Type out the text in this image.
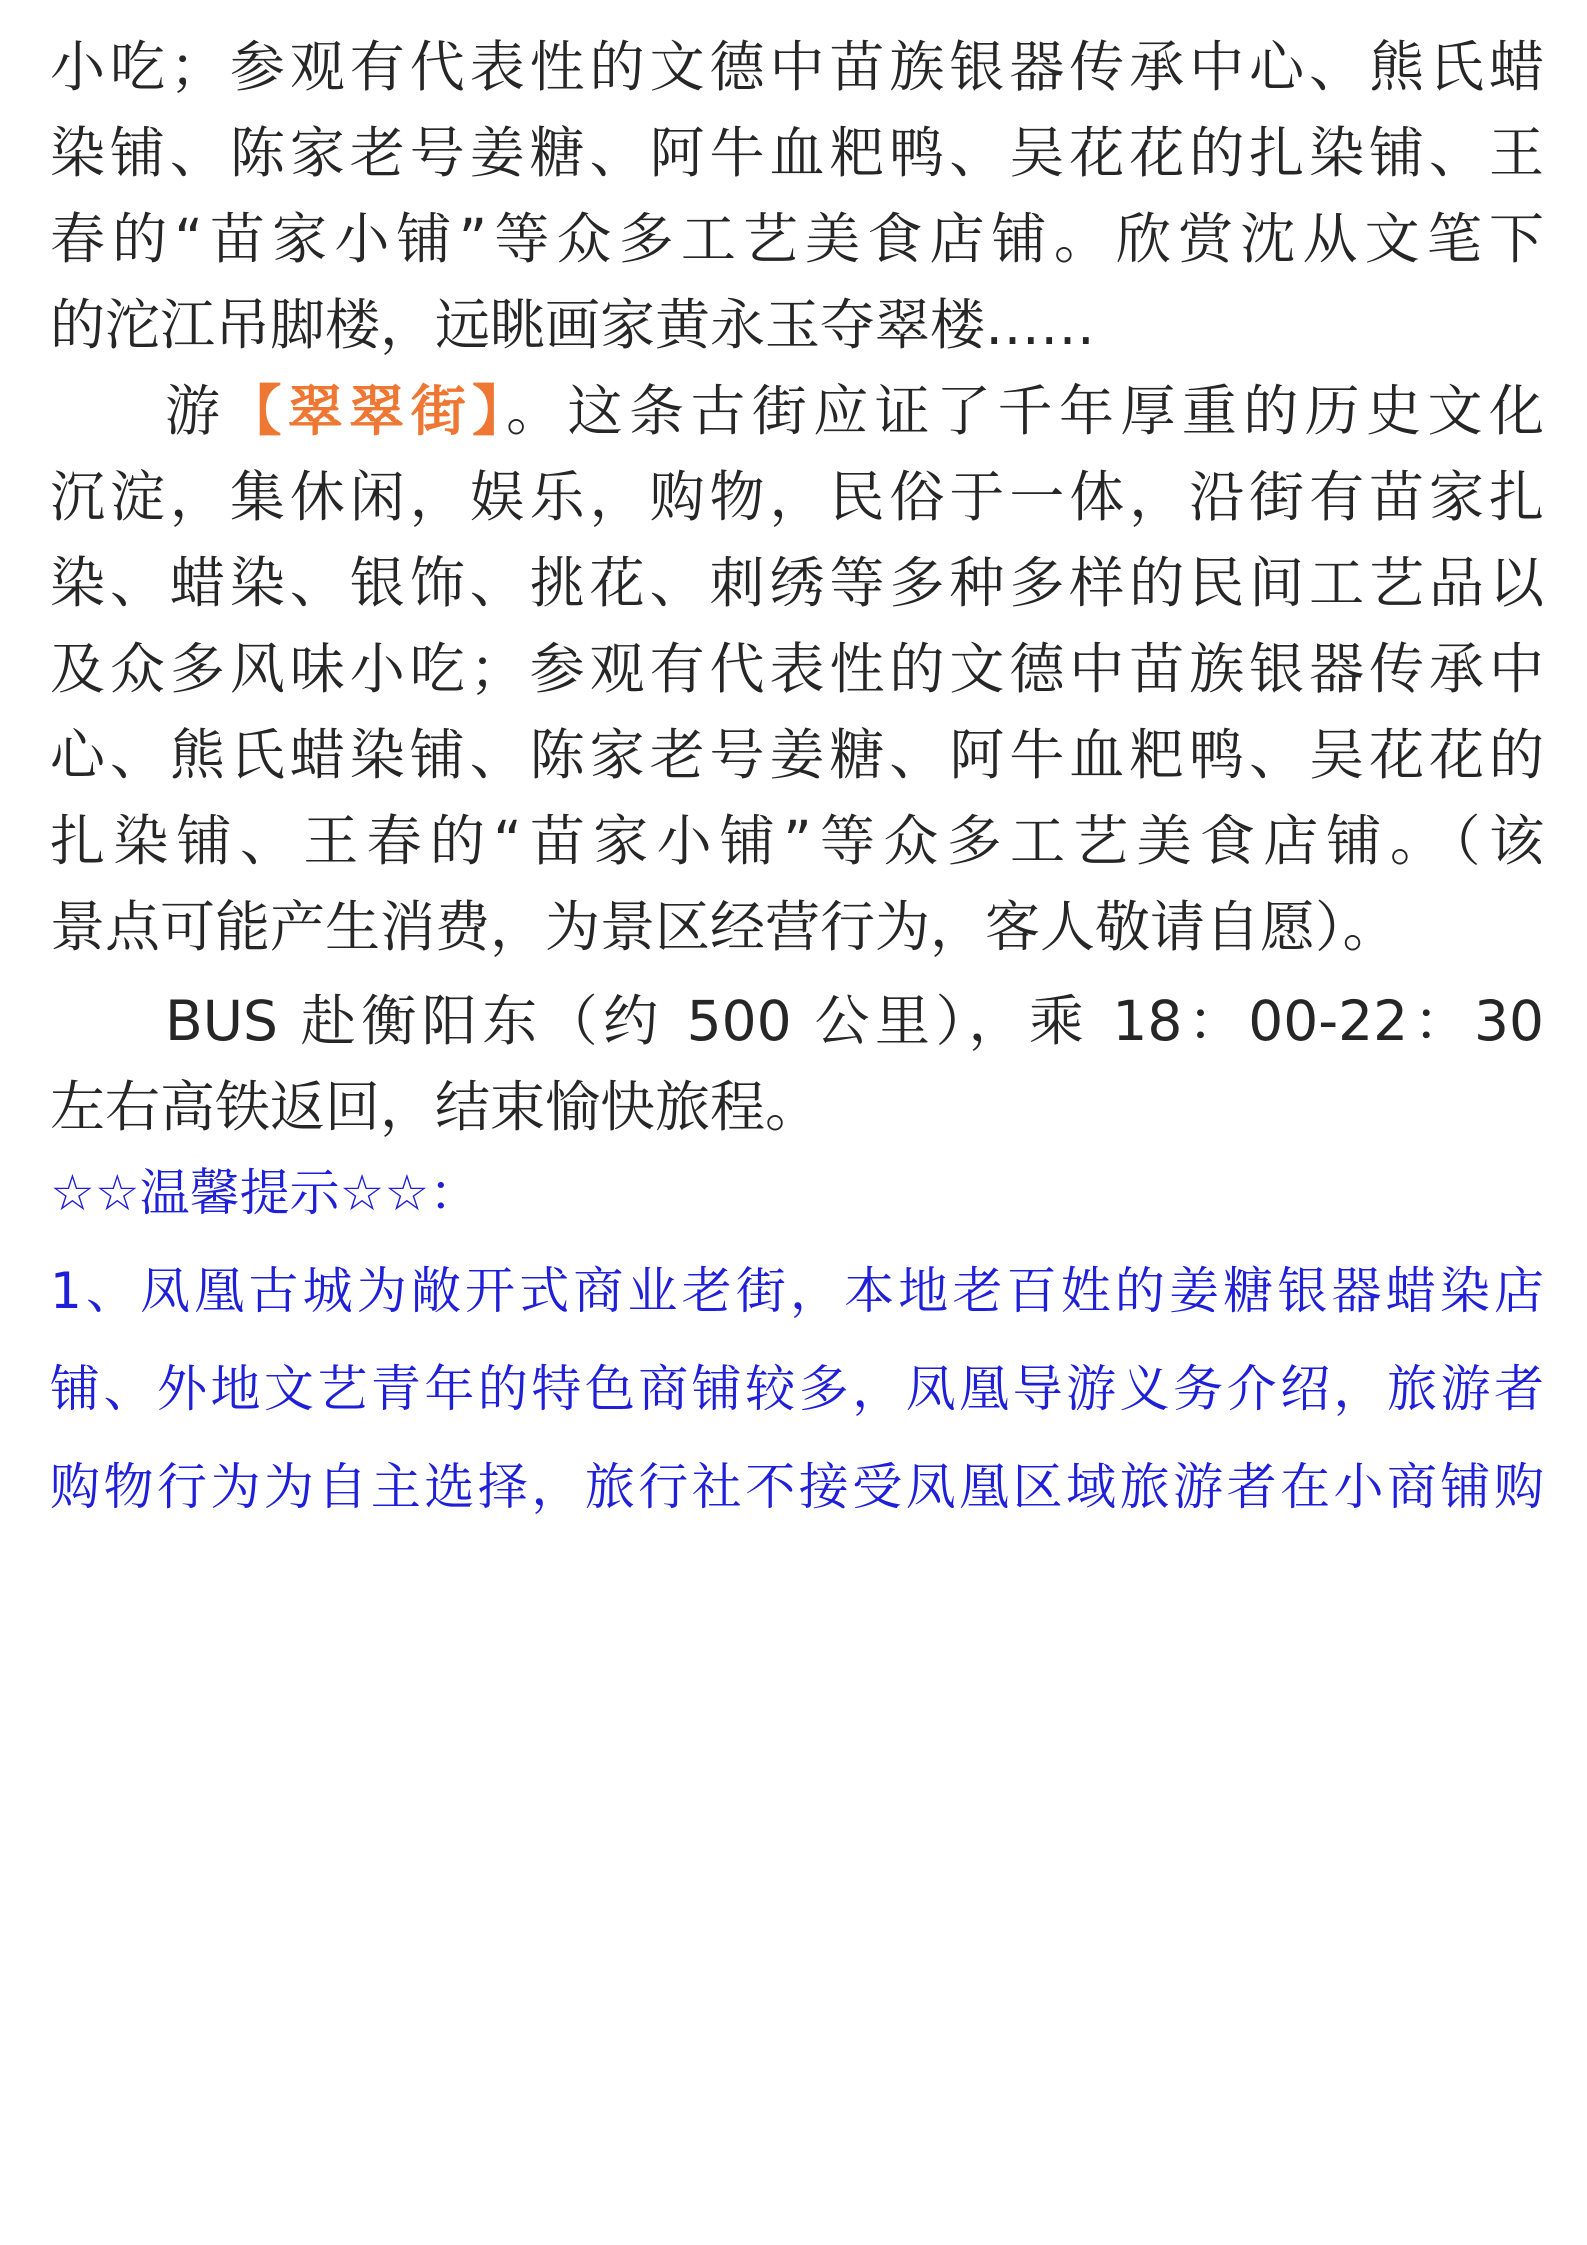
小吃；参观有代表性的文德中苗族银器传承中心、熊氏蜡
染铺、陈家老号姜糖、阿牛血粑鸭、吴花花的扎染铺、王
春的“苗家小铺”等众多工艺美食店铺。欣赏沈从文笔下
的沱江吊脚楼，远眺画家黄永玉夺翠楼……
游【翠翠街】。这条古街应证了千年厚重的历史文化
沉淀，集休闲，娱乐，购物，民俗于一体，沿街有苗家扎
染、蜡染、银饰、挑花、刺绣等多种多样的民间工艺品以
及众多风味小吃；参观有代表性的文德中苗族银器传承中
心、熊氏蜡染铺、陈家老号姜糖、阿牛血粑鸭、吴花花的
扎染铺、王春的“苗家小铺”等众多工艺美食店铺。（该
景点可能产生消费，为景区经营行为，客人敬请自愿）。
BUS 赴衡阳东（约 500 公里），乘 18：00-22：30
左右高铁返回，结束愉快旅程。
☆☆温馨提示☆☆：
1、凤凰古城为敞开式商业老街，本地老百姓的姜糖银器蜡染店
铺、外地文艺青年的特色商铺较多，凤凰导游义务介绍，旅游者
购物行为为自主选择，旅行社不接受凤凰区域旅游者在小商铺购
